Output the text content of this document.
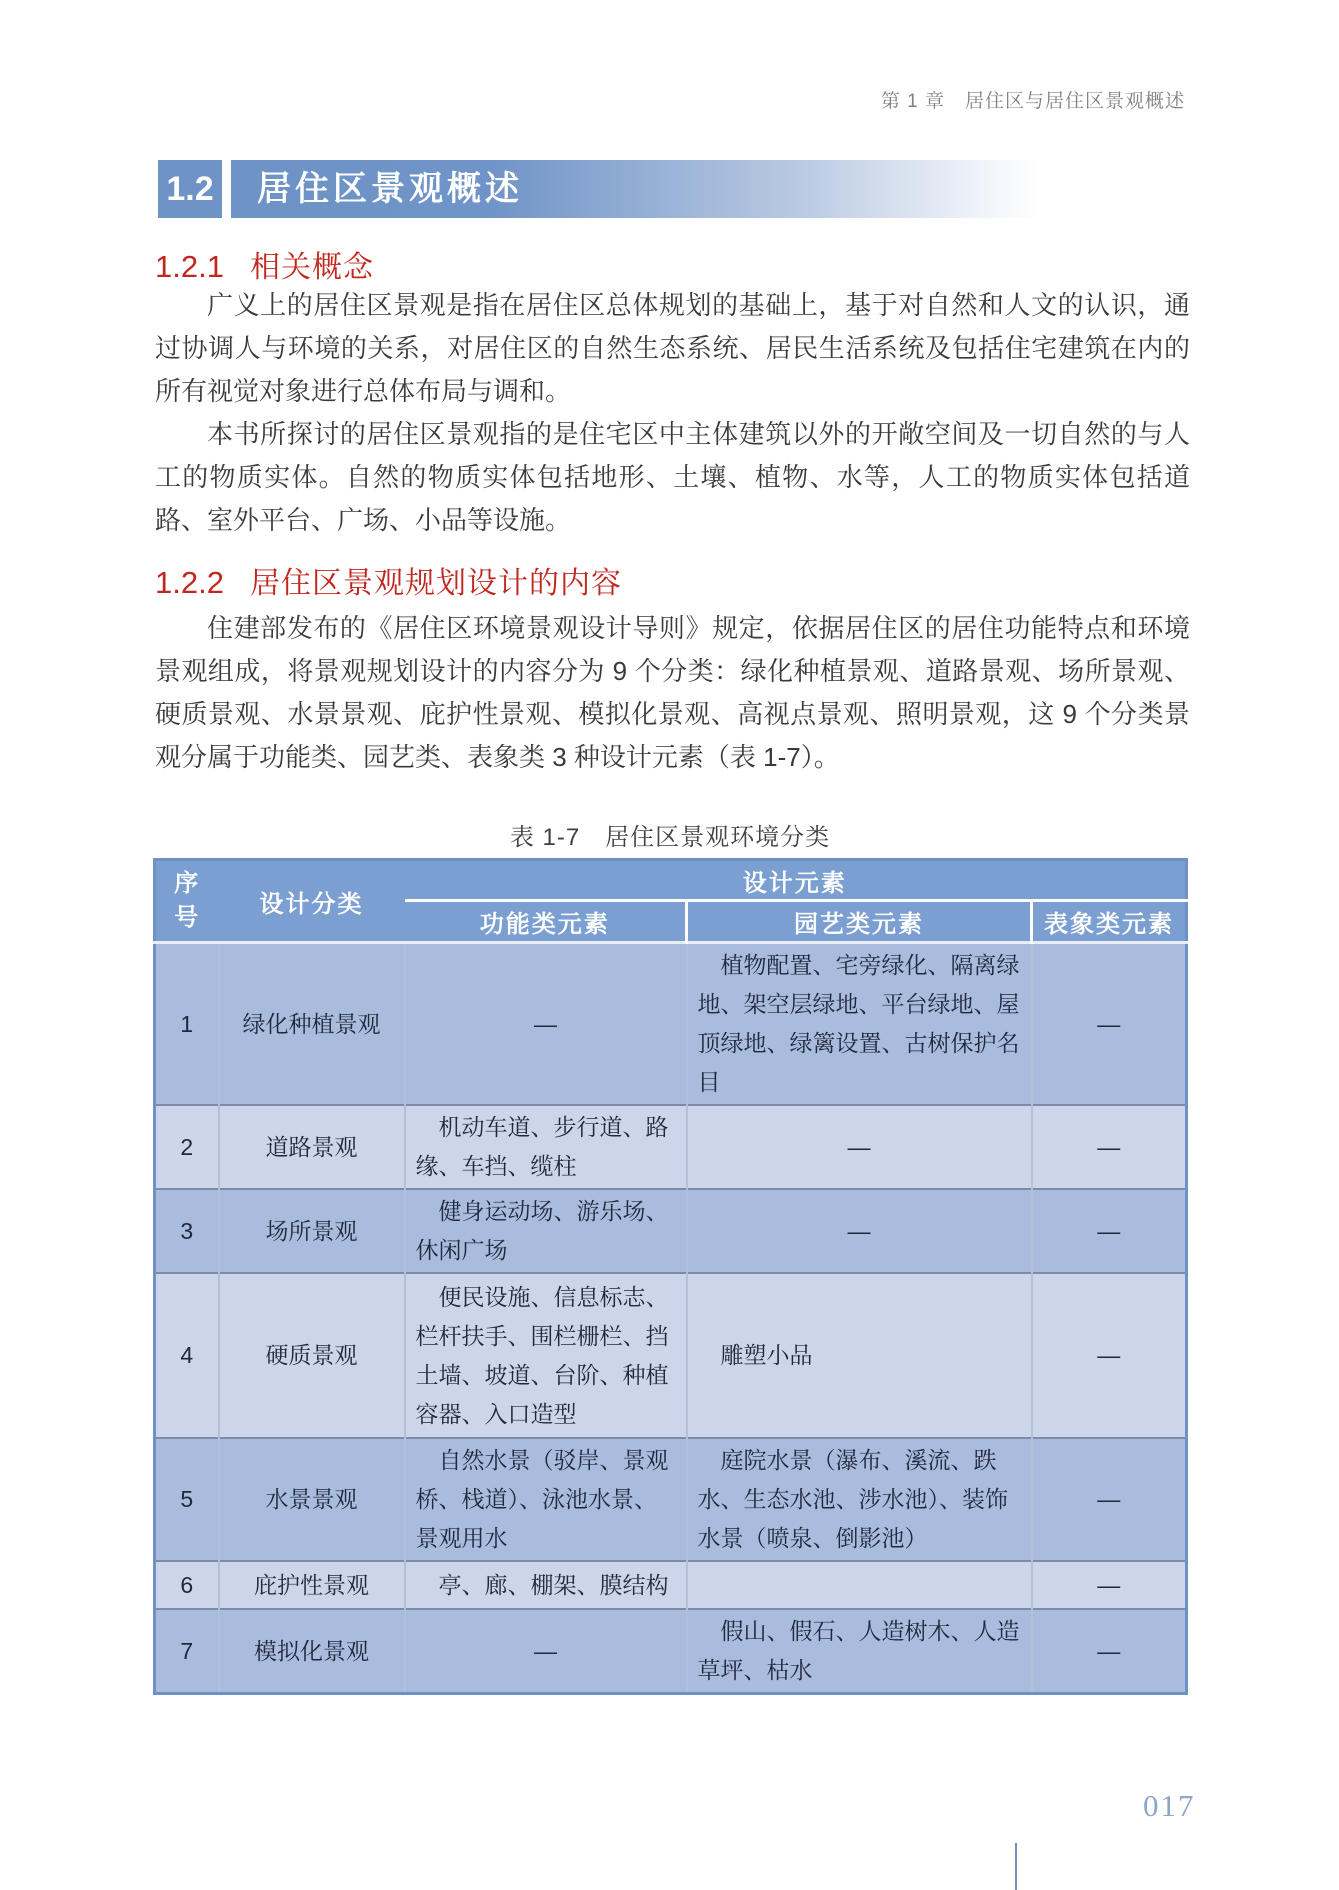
第 1 章　居住区与居住区景观概述
1.2	居住区景观概述
1.2.1 相关概念

广义上的居住区景观是指在居住区总体规划的基础上，基于对自然和人文的认识，通过协调人与环境的关系，对居住区的自然生态系统、居民生活系统及包括住宅建筑在内的所有视觉对象进行总体布局与调和。

本书所探讨的居住区景观指的是住宅区中主体建筑以外的开敞空间及一切自然的与人工的物质实体。自然的物质实体包括地形、土壤、植物、水等，人工的物质实体包括道路、室外平台、广场、小品等设施。

1.2.2 居住区景观规划设计的内容

住建部发布的《居住区环境景观设计导则》规定，依据居住区的居住功能特点和环境景观组成，将景观规划设计的内容分为 9 个分类：绿化种植景观、道路景观、场所景观、硬质景观、水景景观、庇护性景观、模拟化景观、高视点景观、照明景观，这 9 个分类景观分属于功能类、园艺类、表象类 3 种设计元素（表 1-7）。

表 1-7　居住区景观环境分类
序
号	设计分类	设计元素		
		功能类元素	园艺类元素	表象类元素
1	绿化种植景观	—	植物配置、宅旁绿化、隔离绿地、架空层绿地、平台绿地、屋顶绿地、绿篱设置、古树保护名目	—
2	道路景观	机动车道、步行道、路缘、车挡、缆柱	—	—
3	场所景观	健身运动场、游乐场、休闲广场	—	—
4	硬质景观	便民设施、信息标志、栏杆扶手、围栏栅栏、挡土墙、坡道、台阶、种植容器、入口造型	雕塑小品	—
5	水景景观	自然水景（驳岸、景观桥、栈道）、泳池水景、景观用水	庭院水景（瀑布、溪流、跌水、生态水池、涉水池）、装饰水景（喷泉、倒影池）	—
6	庇护性景观	亭、廊、棚架、膜结构		—
7	模拟化景观	—	假山、假石、人造树木、人造草坪、枯水	—
017
